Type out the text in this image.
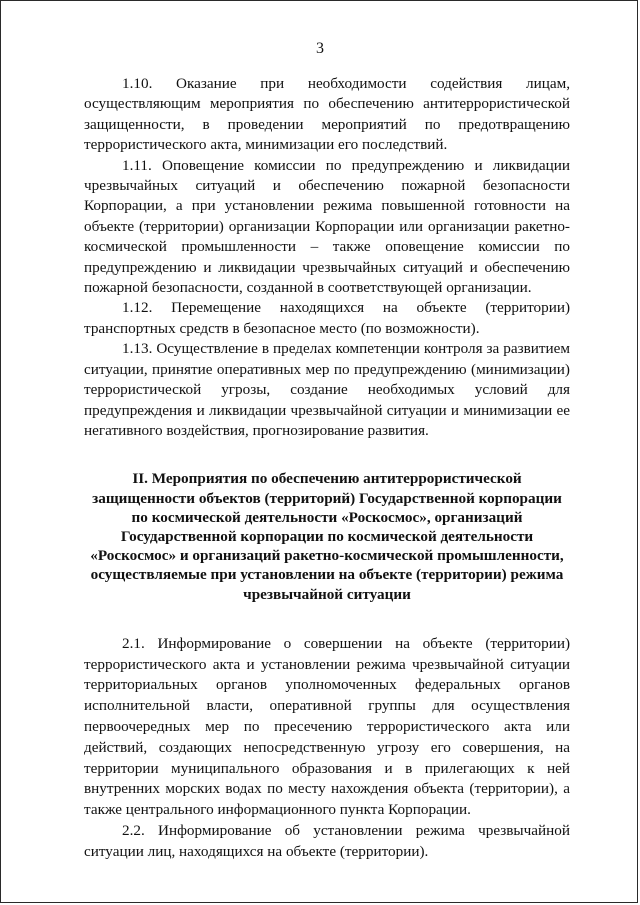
3

1.10. Оказание при необходимости содействия лицам, осуществляющим мероприятия по обеспечению антитеррористической защищенности, в проведении мероприятий по предотвращению террористического акта, минимизации его последствий.

1.11. Оповещение комиссии по предупреждению и ликвидации чрезвычайных ситуаций и обеспечению пожарной безопасности Корпорации, а при установлении режима повышенной готовности на объекте (территории) организации Корпорации или организации ракетно-космической промышленности – также оповещение комиссии по предупреждению и ликвидации чрезвычайных ситуаций и обеспечению пожарной безопасности, созданной в соответствующей организации.

1.12. Перемещение находящихся на объекте (территории) транспортных средств в безопасное место (по возможности).

1.13. Осуществление в пределах компетенции контроля за развитием ситуации, принятие оперативных мер по предупреждению (минимизации) террористической угрозы, создание необходимых условий для предупреждения и ликвидации чрезвычайной ситуации и минимизации ее негативного воздействия, прогнозирование развития.

II. Мероприятия по обеспечению антитеррористической защищенности объектов (территорий) Государственной корпорации по космической деятельности «Роскосмос», организаций Государственной корпорации по космической деятельности «Роскосмос» и организаций ракетно-космической промышленности, осуществляемые при установлении на объекте (территории) режима чрезвычайной ситуации

2.1. Информирование о совершении на объекте (территории) террористического акта и установлении режима чрезвычайной ситуации территориальных органов уполномоченных федеральных органов исполнительной власти, оперативной группы для осуществления первоочередных мер по пресечению террористического акта или действий, создающих непосредственную угрозу его совершения, на территории муниципального образования и в прилегающих к ней внутренних морских водах по месту нахождения объекта (территории), а также центрального информационного пункта Корпорации.

2.2. Информирование об установлении режима чрезвычайной ситуации лиц, находящихся на объекте (территории).
